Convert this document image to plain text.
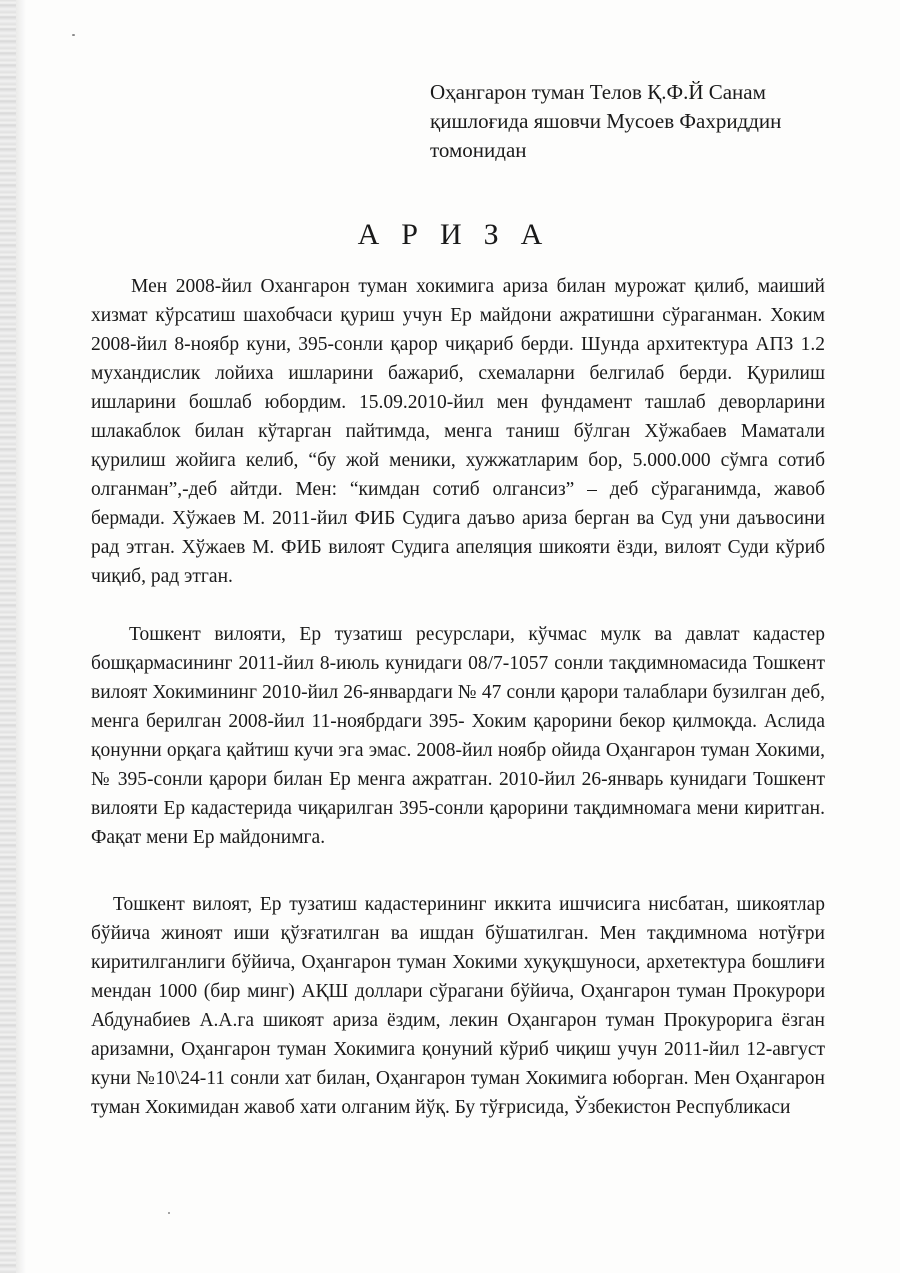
Оҳангарон туман Телов Қ.Ф.Й Санам
қишлоғида яшовчи Мусоев Фахриддин
томонидан
АРИЗА
Мен 2008-йил Охангарон туман хокимига ариза билан мурожат қилиб, маиший хизмат кўрсатиш шахобчаси қуриш учун Ер майдони ажратишни сўраганман. Хоким 2008-йил 8-ноябр куни, 395-сонли қарор чиқариб берди. Шунда архитектура АПЗ 1.2 мухандислик лойиха ишларини бажариб, схемаларни белгилаб берди. Қурилиш ишларини бошлаб юбордим. 15.09.2010-йил мен фундамент ташлаб деворларини шлакаблок билан кўтарган пайтимда, менга таниш бўлган Хўжабаев Маматали қурилиш жойига келиб, “бу жой меники, хужжатларим бор, 5.000.000 сўмга сотиб олганман”,-деб айтди. Мен: “кимдан сотиб олгансиз” – деб сўраганимда, жавоб бермади. Хўжаев М. 2011-йил ФИБ Судига даъво ариза берган ва Суд уни даъвосини рад этган. Хўжаев М. ФИБ вилоят Судига апеляция шикояти ёзди, вилоят Суди кўриб чиқиб, рад этган.
Тошкент вилояти, Ер тузатиш ресурслари, кўчмас мулк ва давлат кадастер бошқармасининг 2011-йил 8-июль кунидаги 08/7-1057 сонли тақдимномасида Тошкент вилоят Хокимининг 2010-йил 26-январдаги № 47 сонли қарори талаблари бузилган деб, менга берилган 2008-йил 11-ноябрдаги 395- Хоким қарорини бекор қилмоқда. Аслида қонунни орқага қайтиш кучи эга эмас. 2008-йил ноябр ойида Оҳангарон туман Хокими, № 395-сонли қарори билан Ер менга ажратган. 2010-йил 26-январь кунидаги Тошкент вилояти Ер кадастерида чиқарилган 395-сонли қарорини тақдимномага мени киритган. Фақат мени Ер майдонимга.
Тошкент вилоят, Ер тузатиш кадастерининг иккита ишчисига нисбатан, шикоятлар бўйича жиноят иши қўзғатилган ва ишдан бўшатилган. Мен тақдимнома нотўғри киритилганлиги бўйича, Оҳангарон туман Хокими хуқуқшуноси, архетектура бошлиғи мендан 1000 (бир минг) АҚШ доллари сўрагани бўйича, Оҳангарон туман Прокурори Абдунабиев А.А.га шикоят ариза ёздим, лекин Оҳангарон туман Прокурорига ёзган аризамни, Оҳангарон туман Хокимига қонуний кўриб чиқиш учун 2011-йил 12-август куни №10\24-11 сонли хат билан, Оҳангарон туман Хокимига юборган. Мен Оҳангарон туман Хокимидан жавоб хати олганим йўқ. Бу тўғрисида, Ўзбекистон Республикаси
